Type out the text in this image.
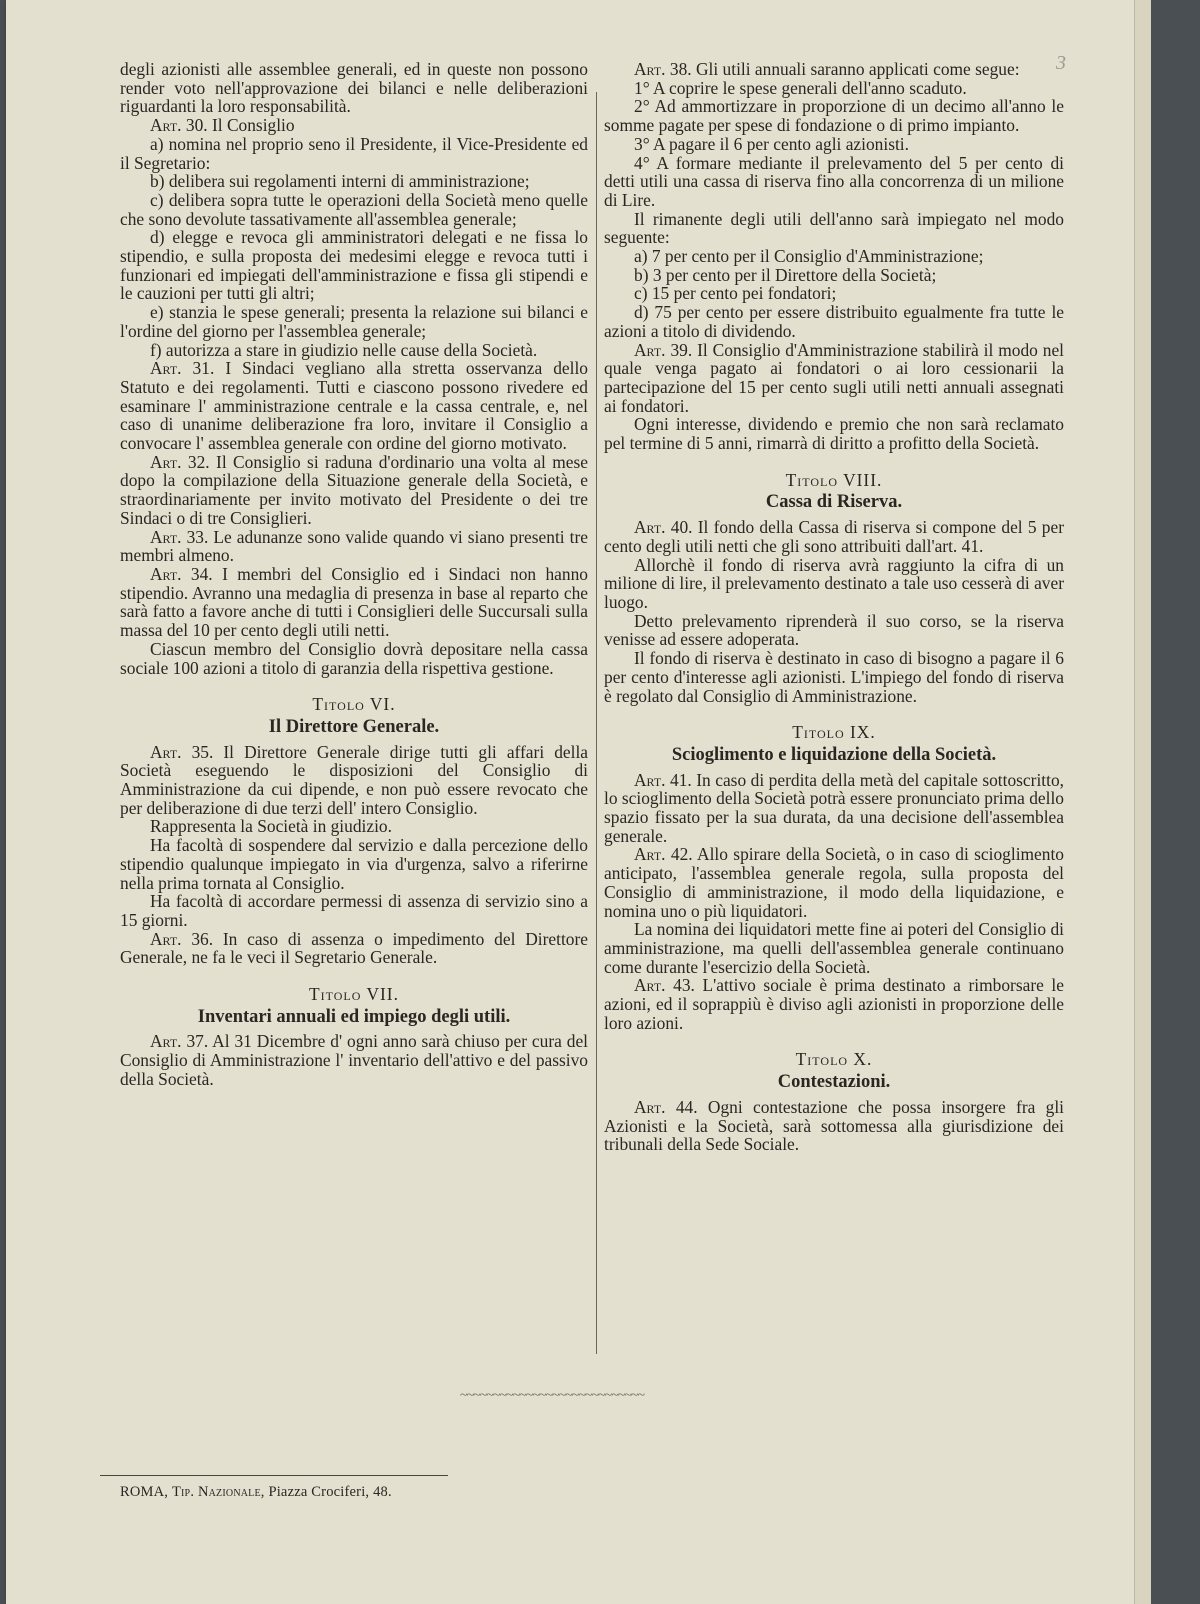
3

degli azionisti alle assemblee generali, ed in queste non possono render voto nell'approvazione dei bilanci e nelle deliberazioni riguardanti la loro responsabilità.

Art. 30. Il Consiglio

a) nomina nel proprio seno il Presidente, il Vice-Presidente ed il Segretario:

b) delibera sui regolamenti interni di amministrazione;

c) delibera sopra tutte le operazioni della Società meno quelle che sono devolute tassativamente all'assemblea generale;

d) elegge e revoca gli amministratori delegati e ne fissa lo stipendio, e sulla proposta dei medesimi elegge e revoca tutti i funzionari ed impiegati dell'amministrazione e fissa gli stipendi e le cauzioni per tutti gli altri;

e) stanzia le spese generali; presenta la relazione sui bilanci e l'ordine del giorno per l'assemblea generale;

f) autorizza a stare in giudizio nelle cause della Società.

Art. 31. I Sindaci vegliano alla stretta osservanza dello Statuto e dei regolamenti. Tutti e ciascono possono rivedere ed esaminare l' amministrazione centrale e la cassa centrale, e, nel caso di unanime deliberazione fra loro, invitare il Consiglio a convocare l' assemblea generale con ordine del giorno motivato.

Art. 32. Il Consiglio si raduna d'ordinario una volta al mese dopo la compilazione della Situazione generale della Società, e straordinariamente per invito motivato del Presidente o dei tre Sindaci o di tre Consiglieri.

Art. 33. Le adunanze sono valide quando vi siano presenti tre membri almeno.

Art. 34. I membri del Consiglio ed i Sindaci non hanno stipendio. Avranno una medaglia di presenza in base al reparto che sarà fatto a favore anche di tutti i Consiglieri delle Succursali sulla massa del 10 per cento degli utili netti.

Ciascun membro del Consiglio dovrà depositare nella cassa sociale 100 azioni a titolo di garanzia della rispettiva gestione.

Titolo VI.

Il Direttore Generale.

Art. 35. Il Direttore Generale dirige tutti gli affari della Società eseguendo le disposizioni del Consiglio di Amministrazione da cui dipende, e non può essere revocato che per deliberazione di due terzi dell' intero Consiglio.

Rappresenta la Società in giudizio.

Ha facoltà di sospendere dal servizio e dalla percezione dello stipendio qualunque impiegato in via d'urgenza, salvo a riferirne nella prima tornata al Consiglio.

Ha facoltà di accordare permessi di assenza di servizio sino a 15 giorni.

Art. 36. In caso di assenza o impedimento del Direttore Generale, ne fa le veci il Segretario Generale.

Titolo VII.

Inventari annuali ed impiego degli utili.

Art. 37. Al 31 Dicembre d' ogni anno sarà chiuso per cura del Consiglio di Amministrazione l' inventario dell'attivo e del passivo della Società.

Art. 38. Gli utili annuali saranno applicati come segue:

1° A coprire le spese generali dell'anno scaduto.

2° Ad ammortizzare in proporzione di un decimo all'anno le somme pagate per spese di fondazione o di primo impianto.

3° A pagare il 6 per cento agli azionisti.

4° A formare mediante il prelevamento del 5 per cento di detti utili una cassa di riserva fino alla concorrenza di un milione di Lire.

Il rimanente degli utili dell'anno sarà impiegato nel modo seguente:

a) 7 per cento per il Consiglio d'Amministrazione;

b) 3 per cento per il Direttore della Società;

c) 15 per cento pei fondatori;

d) 75 per cento per essere distribuito egualmente fra tutte le azioni a titolo di dividendo.

Art. 39. Il Consiglio d'Amministrazione stabilirà il modo nel quale venga pagato ai fondatori o ai loro cessionarii la partecipazione del 15 per cento sugli utili netti annuali assegnati ai fondatori.

Ogni interesse, dividendo e premio che non sarà reclamato pel termine di 5 anni, rimarrà di diritto a profitto della Società.

Titolo VIII.

Cassa di Riserva.

Art. 40. Il fondo della Cassa di riserva si compone del 5 per cento degli utili netti che gli sono attribuiti dall'art. 41.

Allorchè il fondo di riserva avrà raggiunto la cifra di un milione di lire, il prelevamento destinato a tale uso cesserà di aver luogo.

Detto prelevamento riprenderà il suo corso, se la riserva venisse ad essere adoperata.

Il fondo di riserva è destinato in caso di bisogno a pagare il 6 per cento d'interesse agli azionisti. L'impiego del fondo di riserva è regolato dal Consiglio di Amministrazione.

Titolo IX.

Scioglimento e liquidazione della Società.

Art. 41. In caso di perdita della metà del capitale sottoscritto, lo scioglimento della Società potrà essere pronunciato prima dello spazio fissato per la sua durata, da una decisione dell'assemblea generale.

Art. 42. Allo spirare della Società, o in caso di scioglimento anticipato, l'assemblea generale regola, sulla proposta del Consiglio di amministrazione, il modo della liquidazione, e nomina uno o più liquidatori.

La nomina dei liquidatori mette fine ai poteri del Consiglio di amministrazione, ma quelli dell'assemblea generale continuano come durante l'esercizio della Società.

Art. 43. L'attivo sociale è prima destinato a rimborsare le azioni, ed il soprappiù è diviso agli azionisti in proporzione delle loro azioni.

Titolo X.

Contestazioni.

Art. 44. Ogni contestazione che possa insorgere fra gli Azionisti e la Società, sarà sottomessa alla giurisdizione dei tribunali della Sede Sociale.

~~~~~~~~~~~~~~~~~~~~~~~~~~~~
ROMA, Tip. Nazionale, Piazza Crociferi, 48.
